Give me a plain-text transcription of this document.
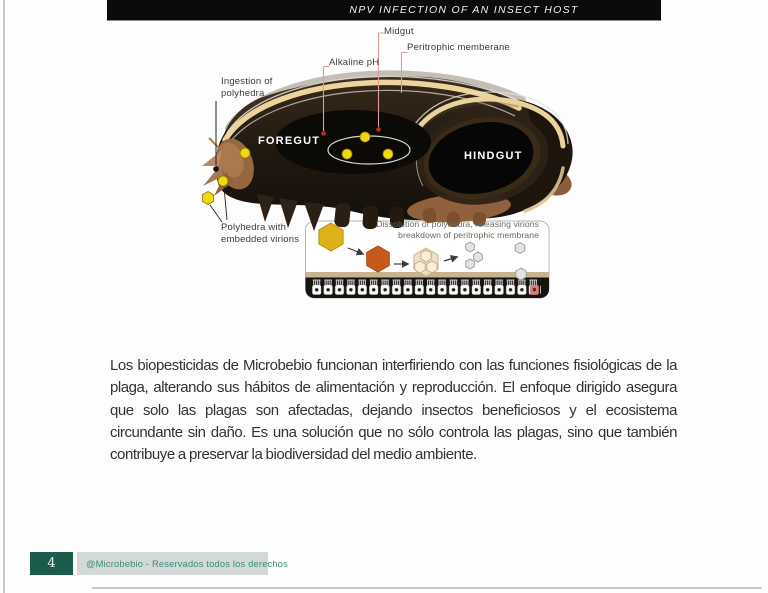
NPV INFECTION OF AN INSECT HOST
Midgut
Peritrophic memberane
Alkaline pH
Ingestion of
polyhedra
Polyhedra with
embedded virions
FOREGUT
HINDGUT
Dissolution of polyhedra, releasing virions
breakdown of peritrophic membrane
Los biopesticidas de Microbebio funcionan interfiriendo con las funciones fisiológicas de la plaga, alterando sus hábitos de alimentación y reproducción. El enfoque dirigido asegura que solo las plagas son afectadas, dejando insectos beneficiosos y el ecosistema circundante sin daño. Es una solución que no sólo controla las plagas, sino que también contribuye a preservar la biodiversidad del medio ambiente.
4	@Microbebio - Reservados todos los derechos
